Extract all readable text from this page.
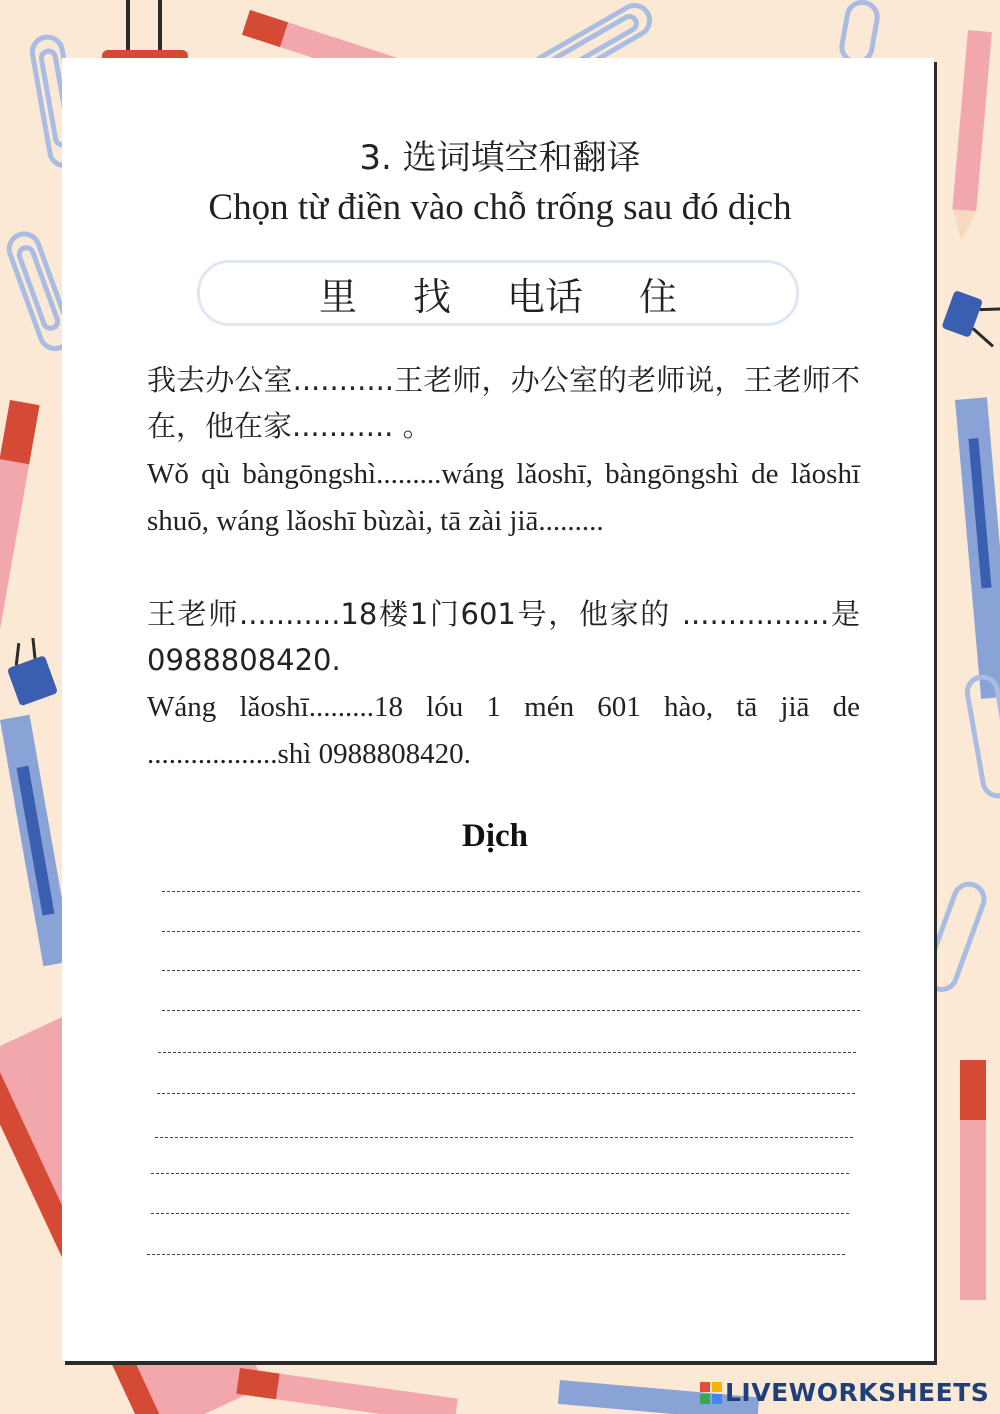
3. 选词填空和翻译
Chọn từ điền vào chỗ trống sau đó dịch
里 找 电话 住
我去办公室...........王老师，办公室的老师说，王老师不在，他在家........... 。
Wǒ qù bàngōngshì.........wáng lǎoshī, bàngōngshì de lǎoshī shuō, wáng lǎoshī bùzài, tā zài jiā.........
王老师...........18楼1门601号，他家的 ................是 0988808420.
Wáng lǎoshī.........18 lóu 1 mén 601 hào, tā jiā de ..................shì 0988808420.
Dịch
LIVEWORKSHEETS
